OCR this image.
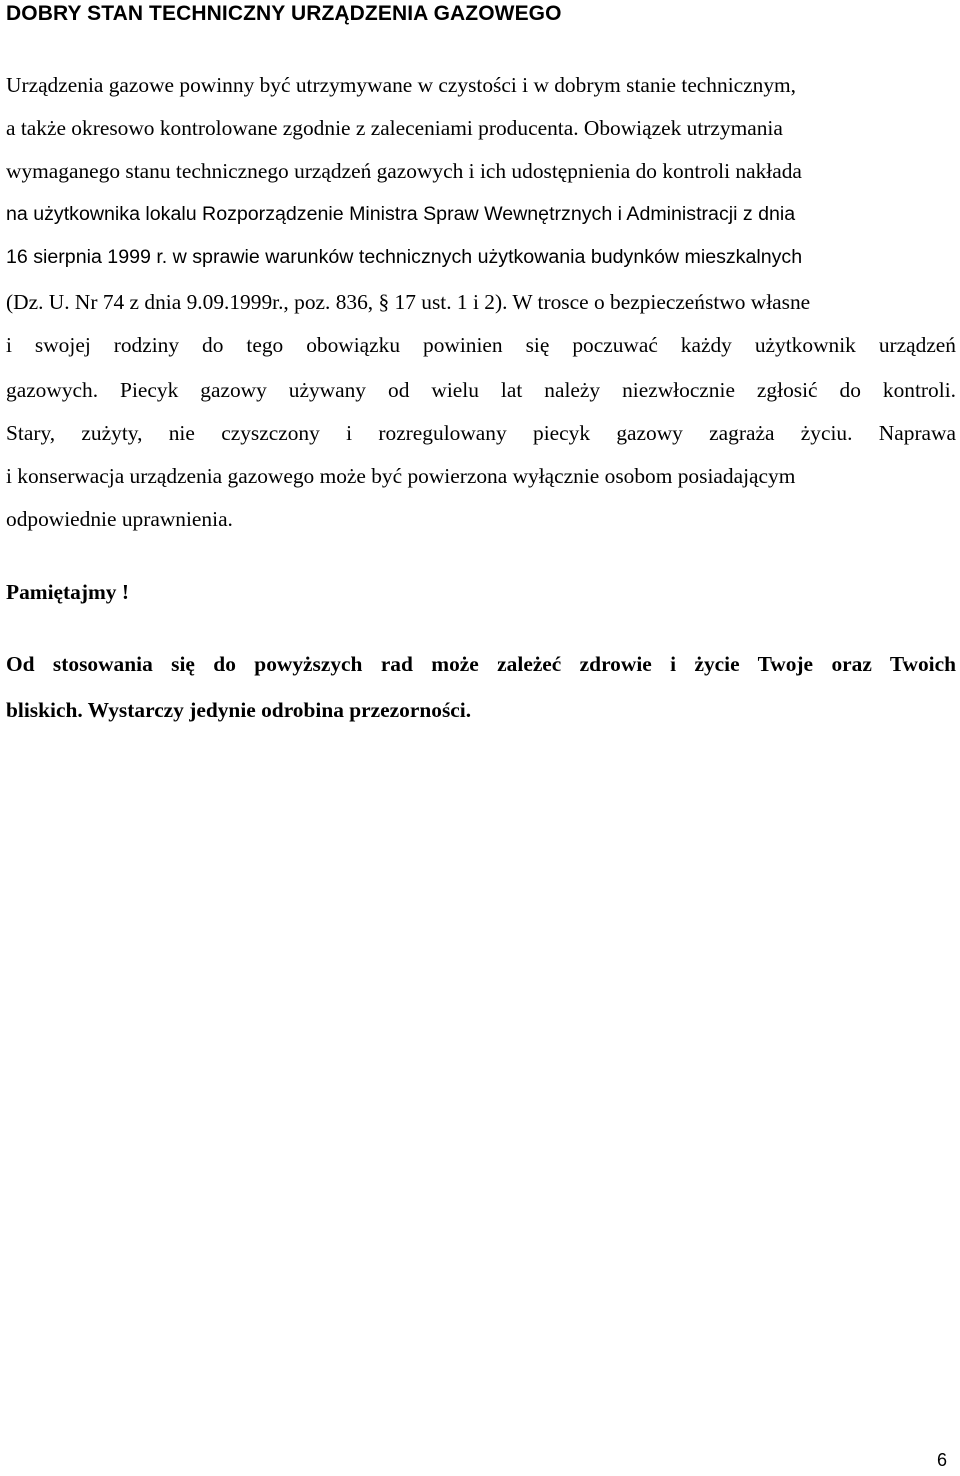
DOBRY STAN TECHNICZNY URZĄDZENIA GAZOWEGO

Urządzenia gazowe powinny być utrzymywane w czystości i w dobrym stanie technicznym,

a także okresowo kontrolowane zgodnie z zaleceniami producenta. Obowiązek utrzymania

wymaganego stanu technicznego urządzeń gazowych i ich udostępnienia do kontroli nakłada

na użytkownika lokalu Rozporządzenie Ministra Spraw Wewnętrznych i Administracji z dnia

16 sierpnia 1999 r. w sprawie warunków technicznych użytkowania budynków mieszkalnych

(Dz. U. Nr 74 z dnia 9.09.1999r., poz. 836, § 17 ust. 1 i 2). W trosce o bezpieczeństwo własne

i swojej rodziny do tego obowiązku powinien się poczuwać każdy użytkownik urządzeń

gazowych. Piecyk gazowy używany od wielu lat należy niezwłocznie zgłosić do kontroli.

Stary, zużyty, nie czyszczony i rozregulowany piecyk gazowy zagraża życiu. Naprawa

i konserwacja urządzenia gazowego może być powierzona wyłącznie osobom posiadającym

odpowiednie uprawnienia.

Pamiętajmy !

Od stosowania się do powyższych rad może zależeć zdrowie i życie Twoje oraz Twoich

bliskich. Wystarczy jedynie odrobina przezorności.

6
